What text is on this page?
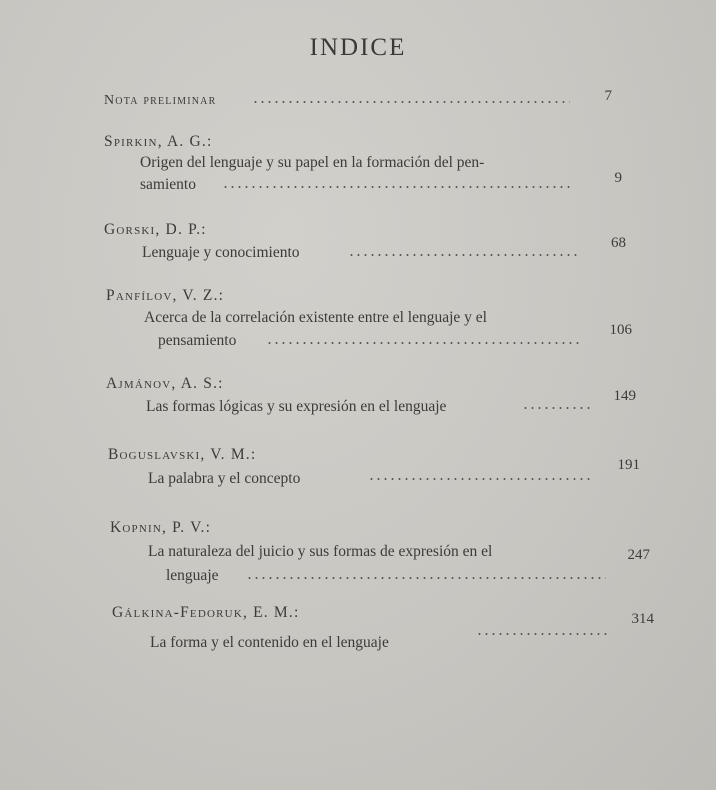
INDICE
Nota preliminar	7
Spirkin, A. G.:
Origen del lenguaje y su papel en la formación del pen-
samiento	9
Gorski, D. P.:
Lenguaje y conocimiento
68
Panfílov, V. Z.:
Acerca de la correlación existente entre el lenguaje y el
pensamiento
106
Ajmánov, A. S.:
Las formas lógicas y su expresión en el lenguaje
149
Boguslavski, V. M.:
La palabra y el concepto
191
Kopnin, P. V.:
La naturaleza del juicio y sus formas de expresión en el
lenguaje
247
Gálkina-Fedoruk, E. M.:
La forma y el contenido en el lenguaje
314
